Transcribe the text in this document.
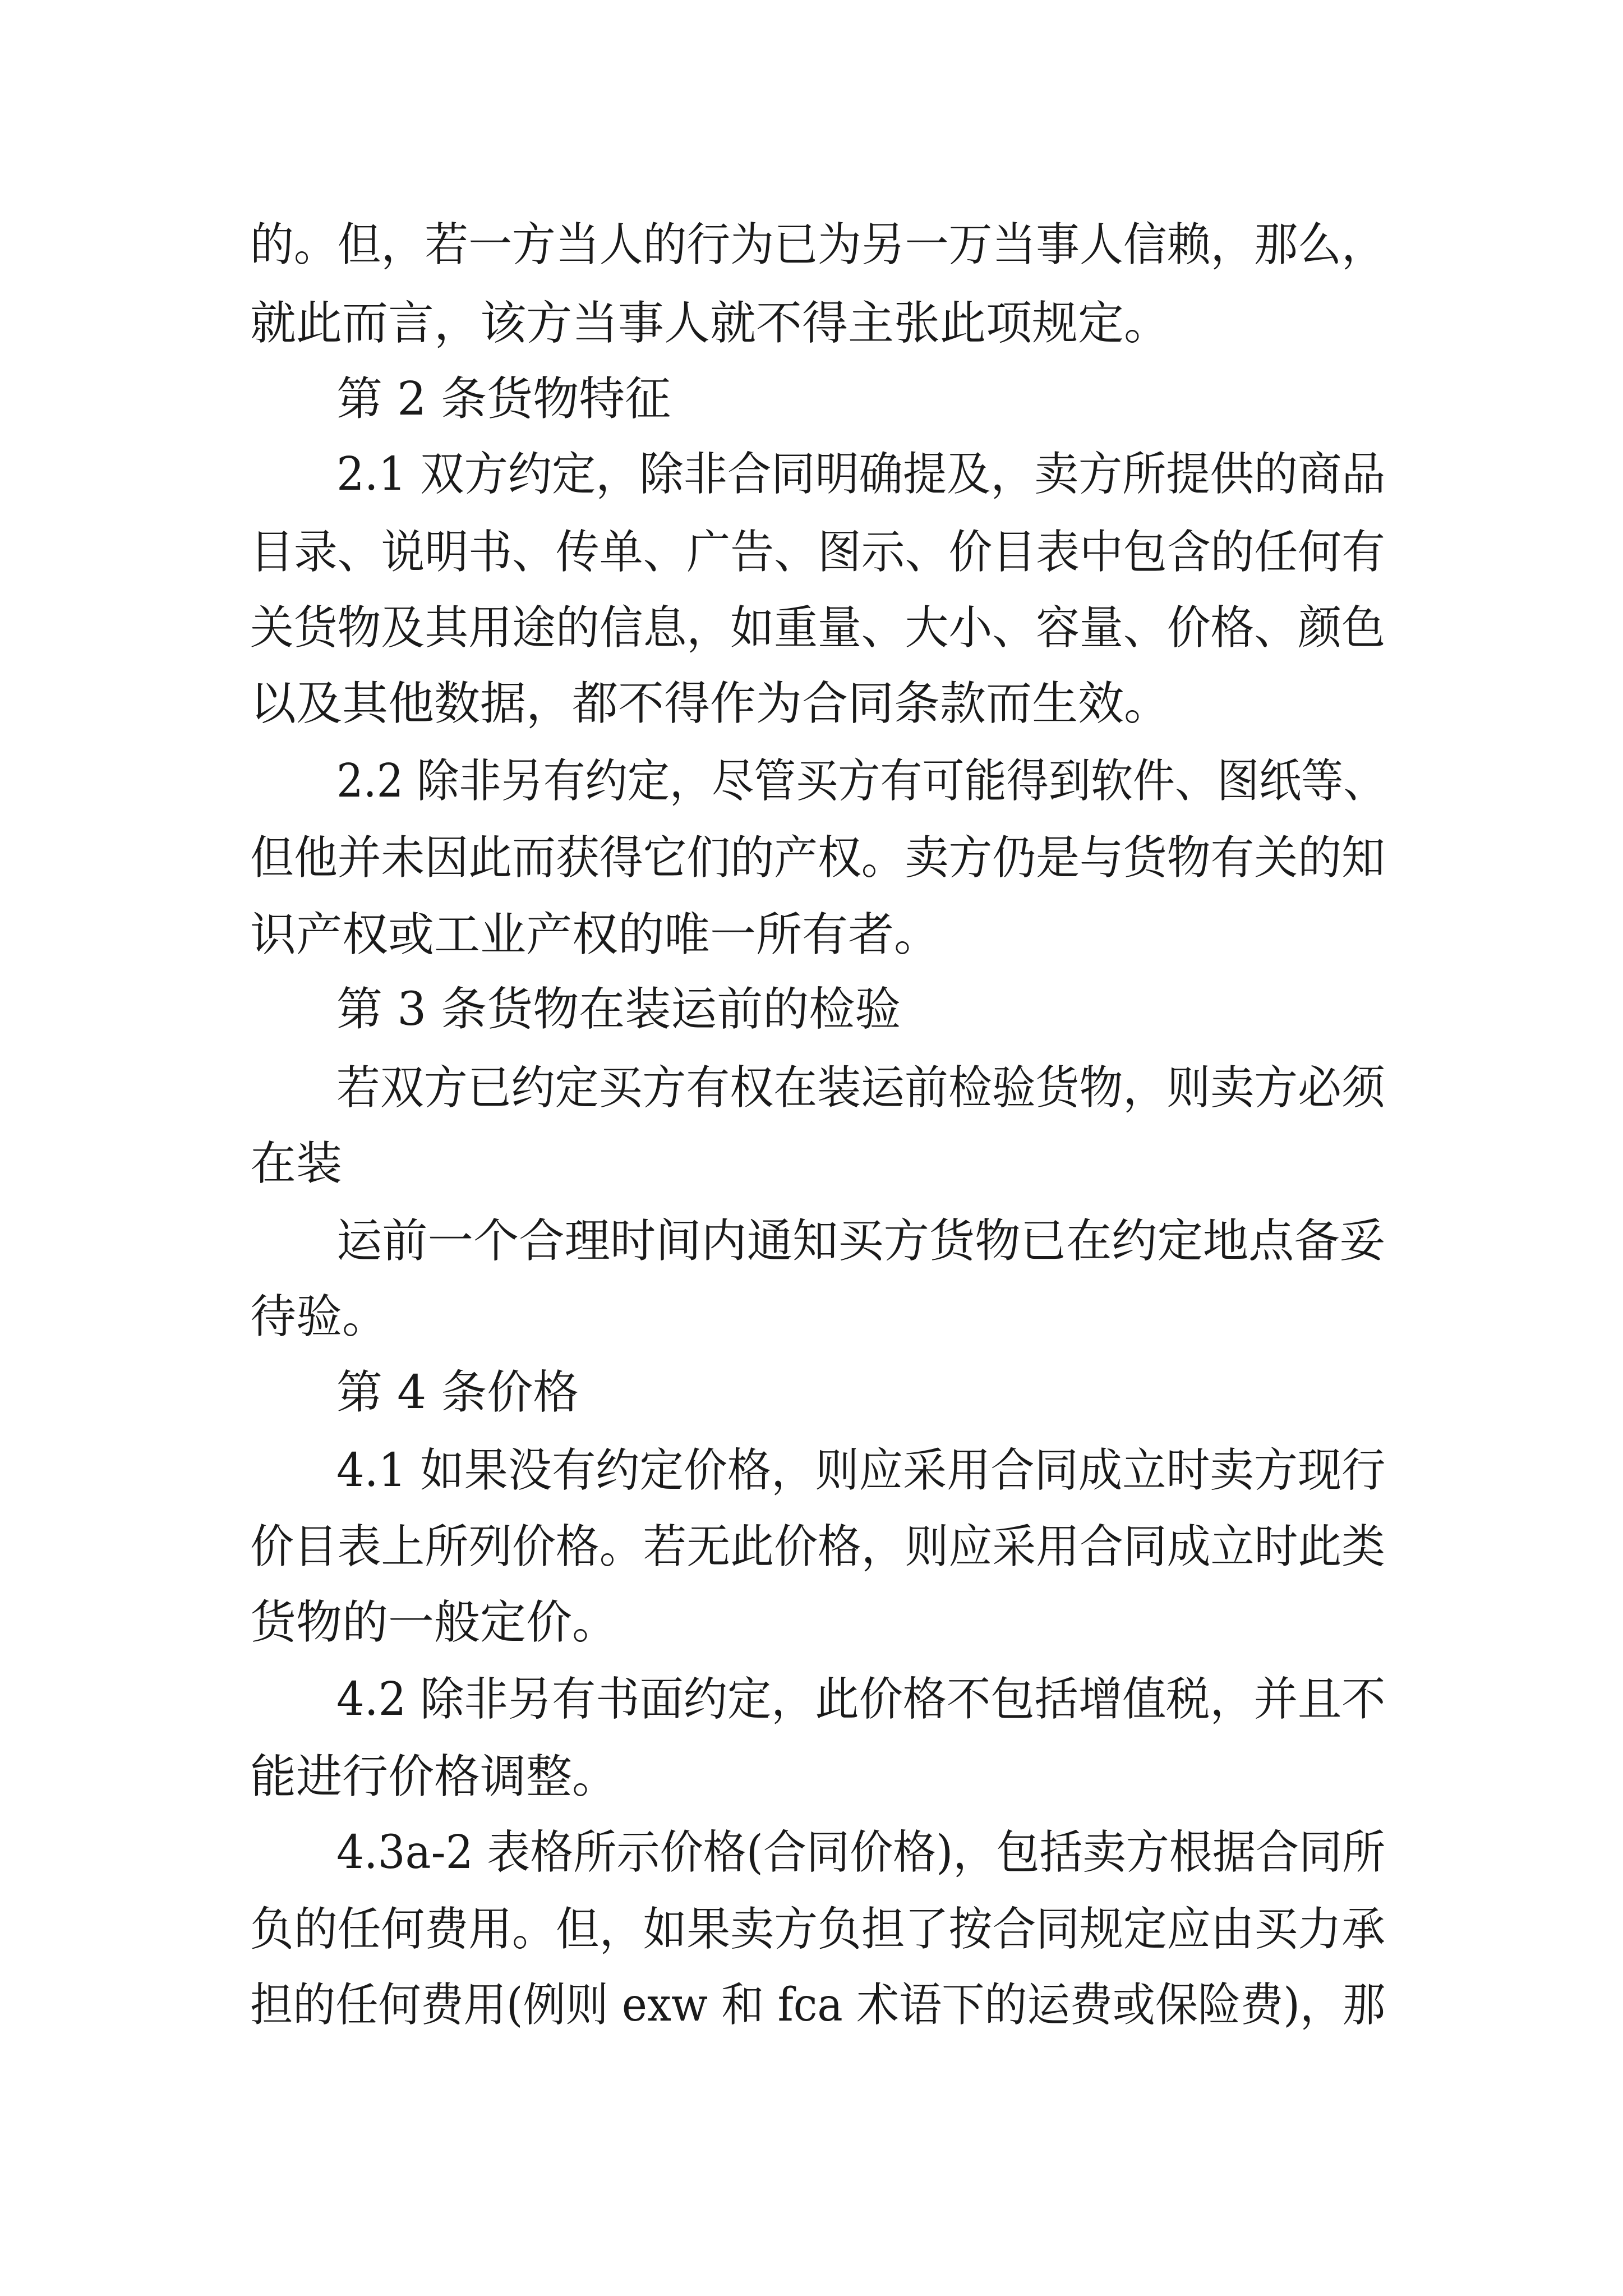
的。但，若一方当人的行为已为另一万当事人信赖，那么，

就此而言，该方当事人就不得主张此项规定。

第 2 条货物特征

2.1 双方约定，除非合同明确提及，卖方所提供的商品

目录、说明书、传单、广告、图示、价目表中包含的任何有

关货物及其用途的信息，如重量、大小、容量、价格、颜色

以及其他数据，都不得作为合同条款而生效。

2.2 除非另有约定，尽管买方有可能得到软件、图纸等、

但他并未因此而获得它们的产权。卖方仍是与货物有关的知

识产权或工业产权的唯一所有者。

第 3 条货物在装运前的检验

若双方已约定买方有权在装运前检验货物，则卖方必须

在装

运前一个合理时间内通知买方货物已在约定地点备妥

待验。

第 4 条价格

4.1 如果没有约定价格，则应采用合同成立时卖方现行

价目表上所列价格。若无此价格，则应采用合同成立时此类

货物的一般定价。

4.2 除非另有书面约定，此价格不包括增值税，并且不

能进行价格调整。

4.3a-2 表格所示价格(合同价格)，包括卖方根据合同所

负的任何费用。但，如果卖方负担了按合同规定应由买力承

担的任何费用(例则 exw 和 fca 术语下的运费或保险费)，那
